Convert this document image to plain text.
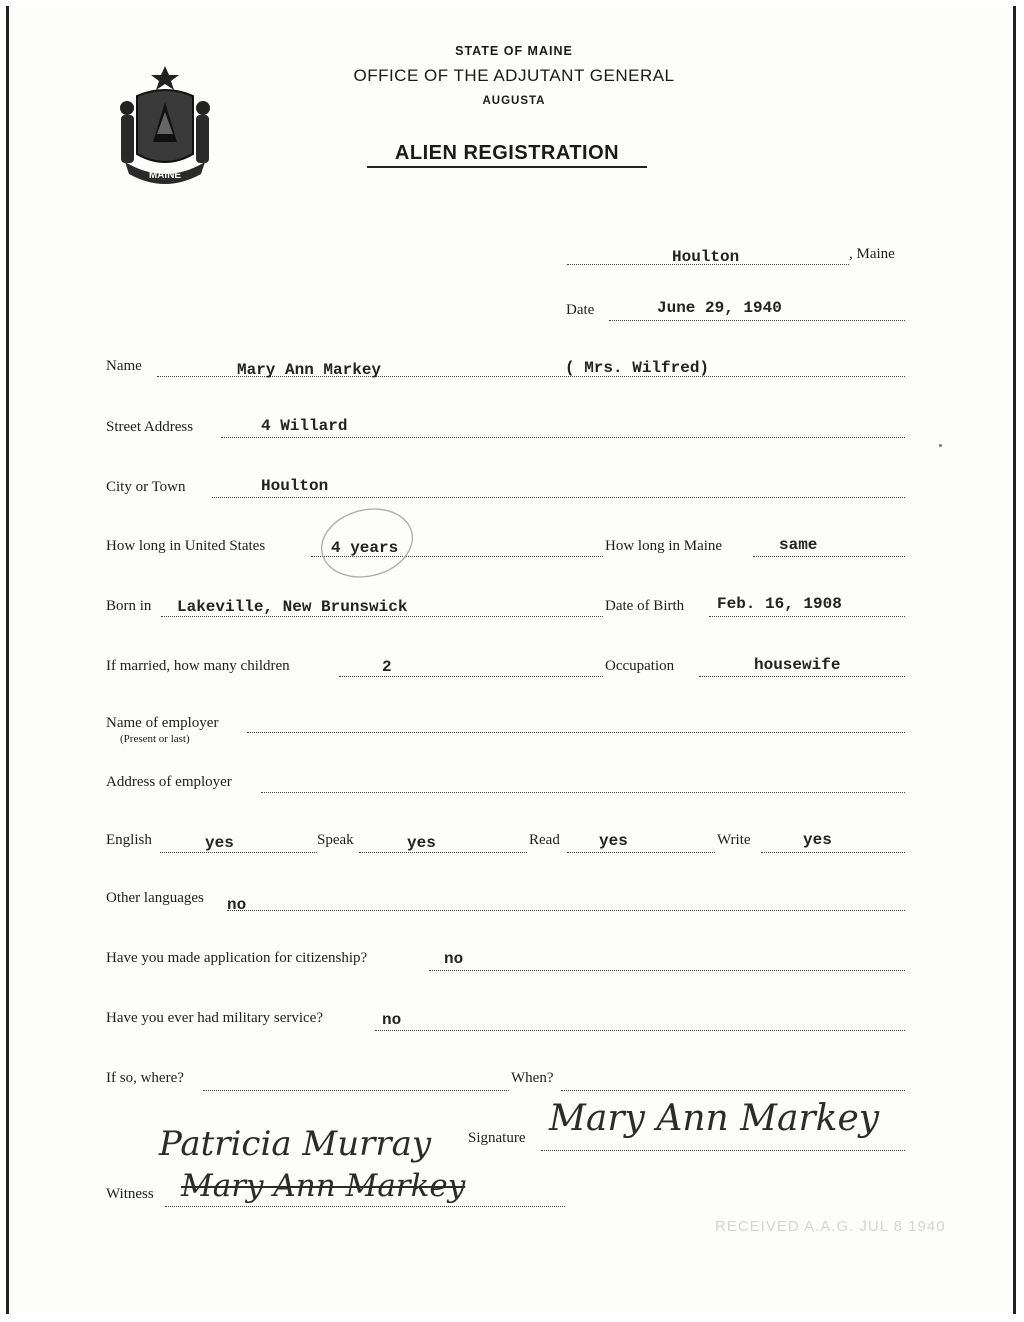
MAINE
STATE OF MAINE
OFFICE OF THE ADJUTANT GENERAL
AUGUSTA
ALIEN REGISTRATION
Houlton	, Maine
Date	June 29, 1940
Name	Mary Ann Markey	( Mrs. Wilfred)
Street Address	4 Willard
City or Town	Houlton
How long in United States	4 years	How long in Maine	same
Born in Lakeville, New Brunswick	Date of Birth Feb. 16, 1908
If married, how many children	2	Occupation	housewife
Name of employer
(Present or last)
Address of employer
English	yes	Speak	yes	Read yes	Write	yes
Other languages no
Have you made application for citizenship?	no
Have you ever had military service?	no
If so, where?	When?
Signature Mary Ann Markey
Patricia Murray
Witness Mary Ann Markey
RECEIVED A.A.G. JUL 8 1940
